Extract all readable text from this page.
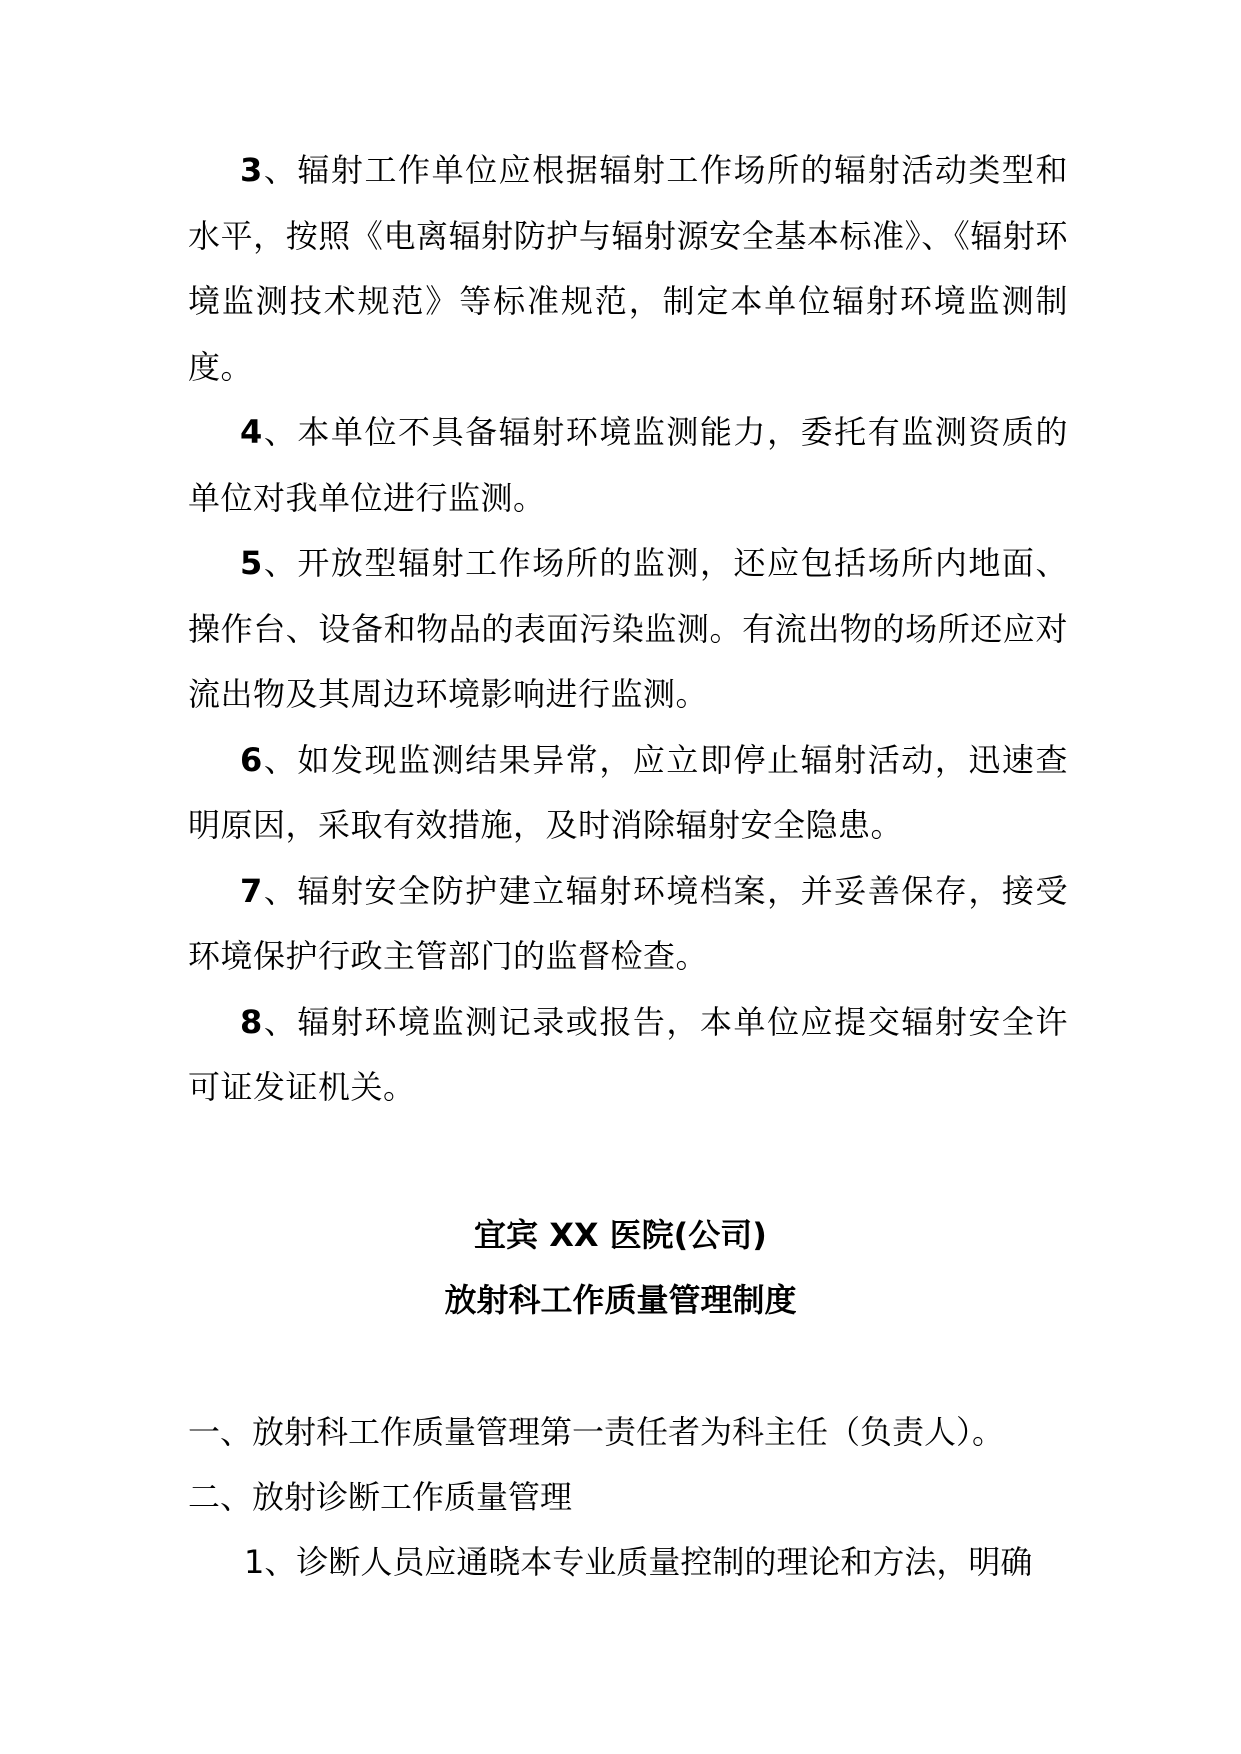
3、辐射工作单位应根据辐射工作场所的辐射活动类型和水平，按照《电离辐射防护与辐射源安全基本标准》、《辐射环境监测技术规范》等标准规范，制定本单位辐射环境监测制度。

4、本单位不具备辐射环境监测能力，委托有监测资质的单位对我单位进行监测。

5、开放型辐射工作场所的监测，还应包括场所内地面、操作台、设备和物品的表面污染监测。有流出物的场所还应对流出物及其周边环境影响进行监测。

6、如发现监测结果异常，应立即停止辐射活动，迅速查明原因，采取有效措施，及时消除辐射安全隐患。

7、辐射安全防护建立辐射环境档案，并妥善保存，接受环境保护行政主管部门的监督检查。

8、辐射环境监测记录或报告，本单位应提交辐射安全许可证发证机关。

宜宾 XX 医院(公司)
放射科工作质量管理制度

一、放射科工作质量管理第一责任者为科主任（负责人）。

二、放射诊断工作质量管理

1、诊断人员应通晓本专业质量控制的理论和方法，明确
